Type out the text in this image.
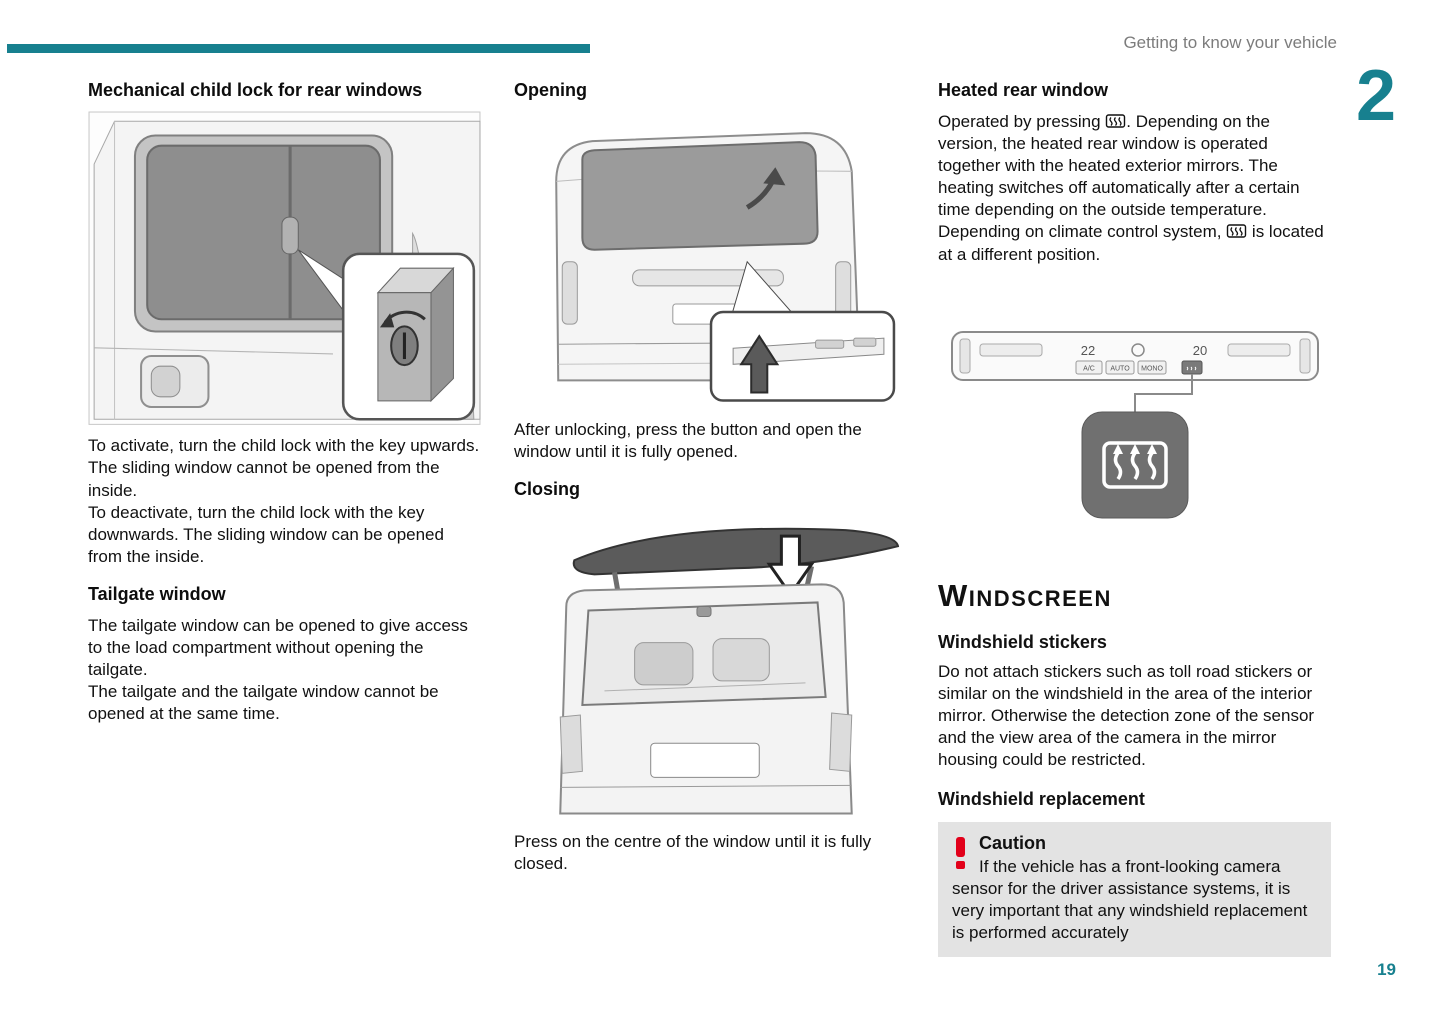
Getting to know your vehicle
2
Mechanical child lock for rear windows

To activate, turn the child lock with the key upwards. The sliding window cannot be opened from the inside.

To deactivate, turn the child lock with the key downwards. The sliding window can be opened from the inside.

Tailgate window

The tailgate window can be opened to give access to the load compartment without opening the tailgate.

The tailgate and the tailgate window cannot be opened at the same time.

Opening

After unlocking, press the button and open the window until it is fully opened.

Closing

Press on the centre of the window until it is fully closed.

Heated rear window

Operated by pressing . Depending on the version, the heated rear window is operated together with the heated exterior mirrors. The heating switches off automatically after a certain time depending on the outside temperature.

Depending on climate control system,  is located at a different position.

22	20
A/C AUTO MONO
WINDSCREEN
Windshield stickers

Do not attach stickers such as toll road stickers or similar on the windshield in the area of the interior mirror. Otherwise the detection zone of the sensor and the view area of the camera in the mirror housing could be restricted.

Windshield replacement
Caution

If the vehicle has a front-looking camera sensor for the driver assistance systems, it is very important that any windshield replacement is performed accurately

19
